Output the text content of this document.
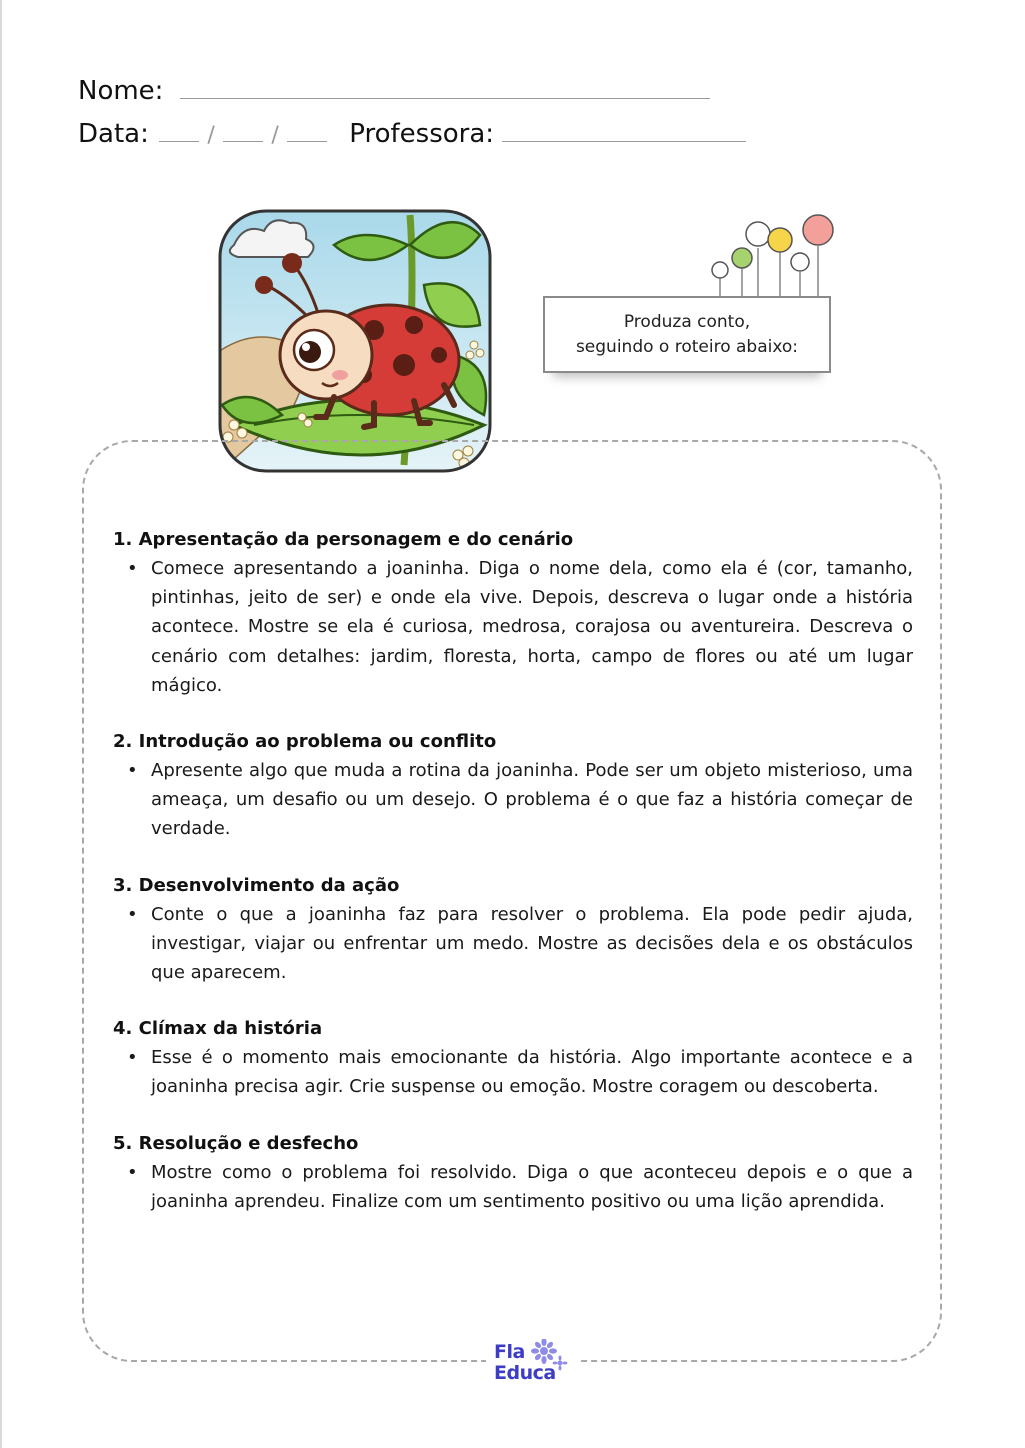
Nome:
Data:	/	/	Professora:
Produza conto,
seguindo o roteiro abaixo:
1. Apresentação da personagem e do cenário
• Comece apresentando a joaninha. Diga o nome dela, como ela é (cor, tamanho, pintinhas, jeito de ser) e onde ela vive. Depois, descreva o lugar onde a história acontece. Mostre se ela é curiosa, medrosa, corajosa ou aventureira. Descreva o cenário com detalhes: jardim, floresta, horta, campo de flores ou até um lugar mágico.
2. Introdução ao problema ou conflito
• Apresente algo que muda a rotina da joaninha. Pode ser um objeto misterioso, uma ameaça, um desafio ou um desejo. O problema é o que faz a história começar de verdade.
3. Desenvolvimento da ação
• Conte o que a joaninha faz para resolver o problema. Ela pode pedir ajuda, investigar, viajar ou enfrentar um medo. Mostre as decisões dela e os obstáculos que aparecem.
4. Clímax da história
• Esse é o momento mais emocionante da história. Algo importante acontece e a joaninha precisa agir. Crie suspense ou emoção. Mostre coragem ou descoberta.
5. Resolução e desfecho
• Mostre como o problema foi resolvido. Diga o que aconteceu depois e o que a joaninha aprendeu. Finalize com um sentimento positivo ou uma lição aprendida.
Fla
Educa
